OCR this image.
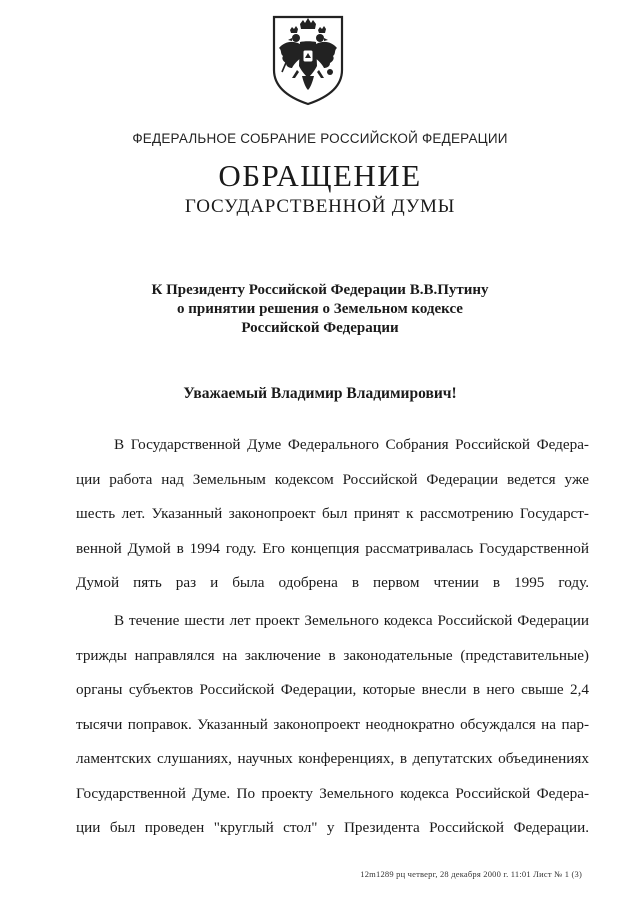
ФЕДЕРАЛЬНОЕ СОБРАНИЕ РОССИЙСКОЙ ФЕДЕРАЦИИ
ОБРАЩЕНИЕ
ГОСУДАРСТВЕННОЙ ДУМЫ
К Президенту Российской Федерации В.В.Путину
о принятии решения о Земельном кодексе
Российской Федерации
Уважаемый Владимир Владимирович!
В Государственной Думе Федерального Собрания Российской Федера-
ции работа над Земельным кодексом Российской Федерации ведется уже
шесть лет. Указанный законопроект был принят к рассмотрению Государст-
венной Думой в 1994 году. Его концепция рассматривалась Государственной
Думой пять раз и была одобрена в первом чтении в 1995 году.
В течение шести лет проект Земельного кодекса Российской Федерации
трижды направлялся на заключение в законодательные (представительные)
органы субъектов Российской Федерации, которые внесли в него свыше 2,4
тысячи поправок. Указанный законопроект неоднократно обсуждался на пар-
ламентских слушаниях, научных конференциях, в депутатских объединениях
Государственной Думе. По проекту Земельного кодекса Российской Федера-
ции был проведен "круглый стол" у Президента Российской Федерации.
12m1289 рц четверг, 28 декабря 2000 г. 11:01 Лист № 1 (3)
